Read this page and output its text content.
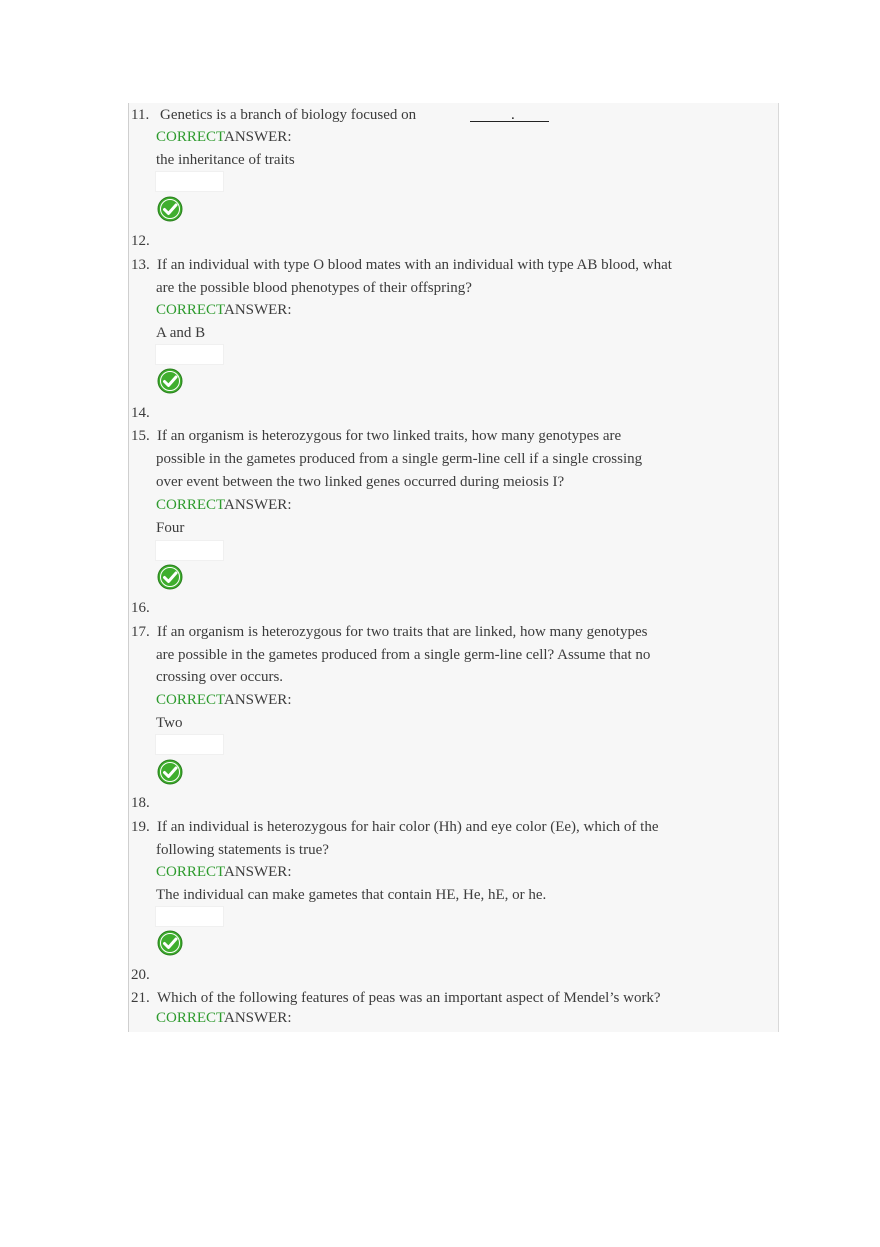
11. Genetics is a branch of biology focused on	.
CORRECTANSWER:
the inheritance of traits
12.
13. If an individual with type O blood mates with an individual with type AB blood, what
are the possible blood phenotypes of their offspring?
CORRECTANSWER:
A and B
14.
15. If an organism is heterozygous for two linked traits, how many genotypes are
possible in the gametes produced from a single germ-line cell if a single crossing
over event between the two linked genes occurred during meiosis I?
CORRECTANSWER:
Four
16.
17. If an organism is heterozygous for two traits that are linked, how many genotypes
are possible in the gametes produced from a single germ-line cell? Assume that no
crossing over occurs.
CORRECTANSWER:
Two
18.
19. If an individual is heterozygous for hair color (Hh) and eye color (Ee), which of the
following statements is true?
CORRECTANSWER:
The individual can make gametes that contain HE, He, hE, or he.
20.
21. Which of the following features of peas was an important aspect of Mendel’s work?
CORRECTANSWER:
